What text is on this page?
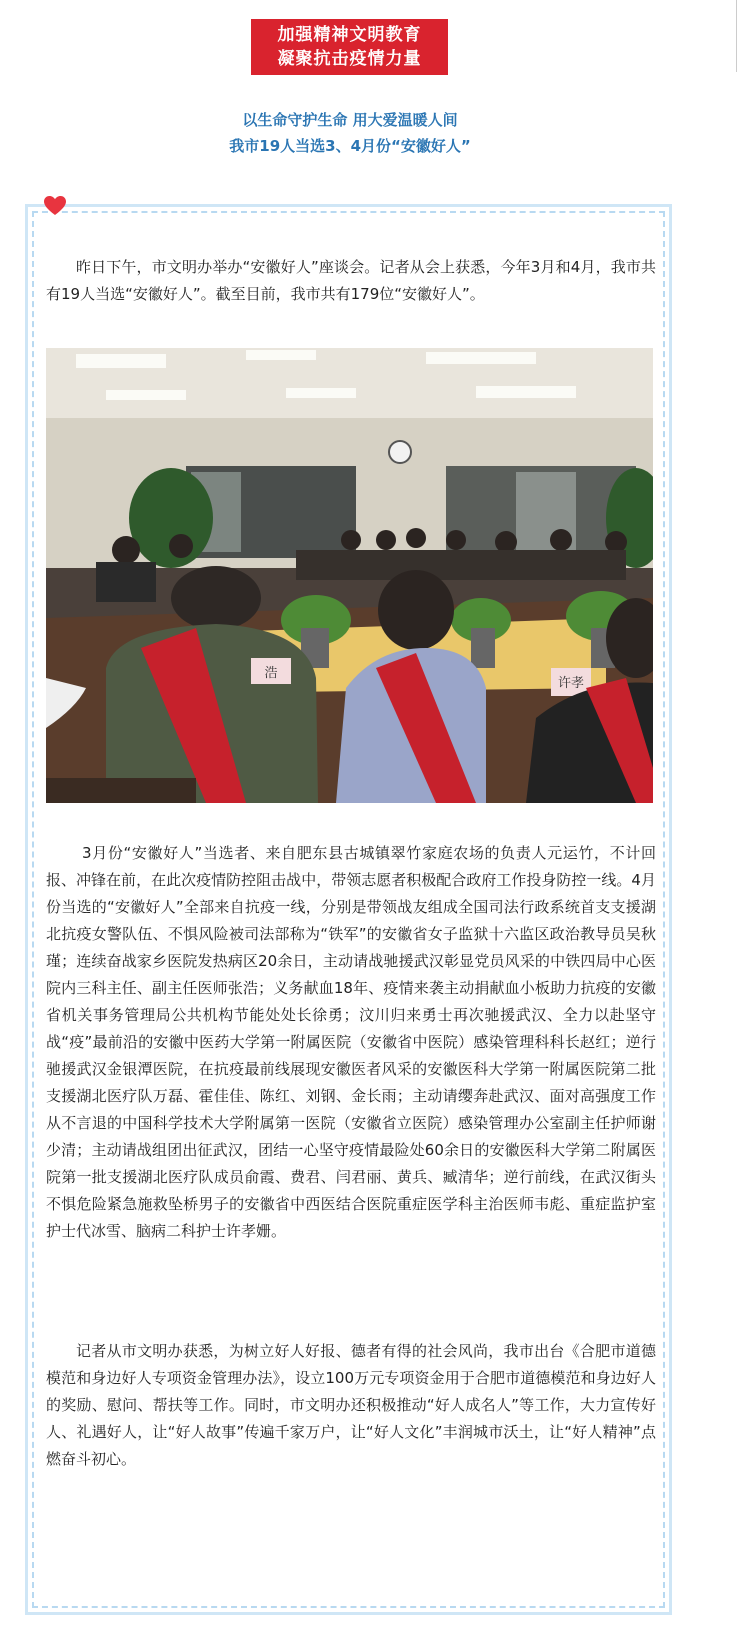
加强精神文明教育
凝聚抗击疫情力量
以生命守护生命 用大爱温暖人间
我市19人当选3、4月份“安徽好人”

昨日下午，市文明办举办“安徽好人”座谈会。记者从会上获悉，今年3月和4月，我市共有19人当选“安徽好人”。截至目前，我市共有179位“安徽好人”。

浩
许孝

3月份“安徽好人”当选者、来自肥东县古城镇翠竹家庭农场的负责人元运竹，不计回报、冲锋在前，在此次疫情防控阻击战中，带领志愿者积极配合政府工作投身防控一线。4月份当选的“安徽好人”全部来自抗疫一线，分别是带领战友组成全国司法行政系统首支支援湖北抗疫女警队伍、不惧风险被司法部称为“铁军”的安徽省女子监狱十六监区政治教导员吴秋瑾；连续奋战家乡医院发热病区20余日，主动请战驰援武汉彰显党员风采的中铁四局中心医院内三科主任、副主任医师张浩；义务献血18年、疫情来袭主动捐献血小板助力抗疫的安徽省机关事务管理局公共机构节能处处长徐勇；汶川归来勇士再次驰援武汉、全力以赴坚守战“疫”最前沿的安徽中医药大学第一附属医院（安徽省中医院）感染管理科科长赵红；逆行驰援武汉金银潭医院，在抗疫最前线展现安徽医者风采的安徽医科大学第一附属医院第二批支援湖北医疗队万磊、霍佳佳、陈红、刘钢、金长雨；主动请缨奔赴武汉、面对高强度工作从不言退的中国科学技术大学附属第一医院（安徽省立医院）感染管理办公室副主任护师谢少清；主动请战组团出征武汉，团结一心坚守疫情最险处60余日的安徽医科大学第二附属医院第一批支援湖北医疗队成员俞霞、费君、闫君丽、黄兵、臧清华；逆行前线，在武汉街头不惧危险紧急施救坠桥男子的安徽省中西医结合医院重症医学科主治医师韦彪、重症监护室护士代冰雪、脑病二科护士许孝姗。

记者从市文明办获悉，为树立好人好报、德者有得的社会风尚，我市出台《合肥市道德模范和身边好人专项资金管理办法》，设立100万元专项资金用于合肥市道德模范和身边好人的奖励、慰问、帮扶等工作。同时，市文明办还积极推动“好人成名人”等工作，大力宣传好人、礼遇好人，让“好人故事”传遍千家万户，让“好人文化”丰润城市沃土，让“好人精神”点燃奋斗初心。
